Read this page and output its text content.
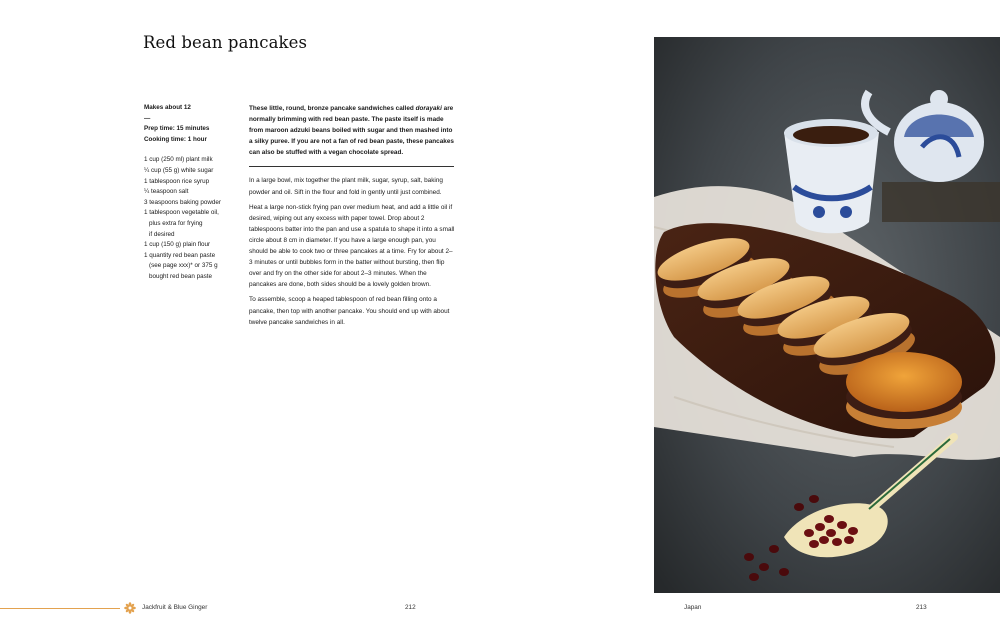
Red bean pancakes
Makes about 12
—
Prep time: 15 minutes
Cooking time: 1 hour
1 cup (250 ml) plant milk
¼ cup (55 g) white sugar
1 tablespoon rice syrup
¼ teaspoon salt
3 teaspoons baking powder
1 tablespoon vegetable oil,
plus extra for frying
if desired
1 cup (150 g) plain flour
1 quantity red bean paste
(see page xxx)* or 375 g
bought red bean paste

These little, round, bronze pancake sandwiches called dorayaki are normally brimming with red bean paste. The paste itself is made from maroon adzuki beans boiled with sugar and then mashed into a silky puree. If you are not a fan of red bean paste, these pancakes can also be stuffed with a vegan chocolate spread.

In a large bowl, mix together the plant milk, sugar, syrup, salt, baking powder and oil. Sift in the flour and fold in gently until just combined.

Heat a large non-stick frying pan over medium heat, and add a little oil if desired, wiping out any excess with paper towel. Drop about 2 tablespoons batter into the pan and use a spatula to shape it into a small circle about 8 cm in diameter. If you have a large enough pan, you should be able to cook two or three pancakes at a time. Fry for about 2–3 minutes or until bubbles form in the batter without bursting, then flip over and fry on the other side for about 2–3 minutes. When the pancakes are done, both sides should be a lovely golden brown.

To assemble, scoop a heaped tablespoon of red bean filling onto a pancake, then top with another pancake. You should end up with about twelve pancake sandwiches in all.

Jackfruit & Blue Ginger	212	Japan	213
